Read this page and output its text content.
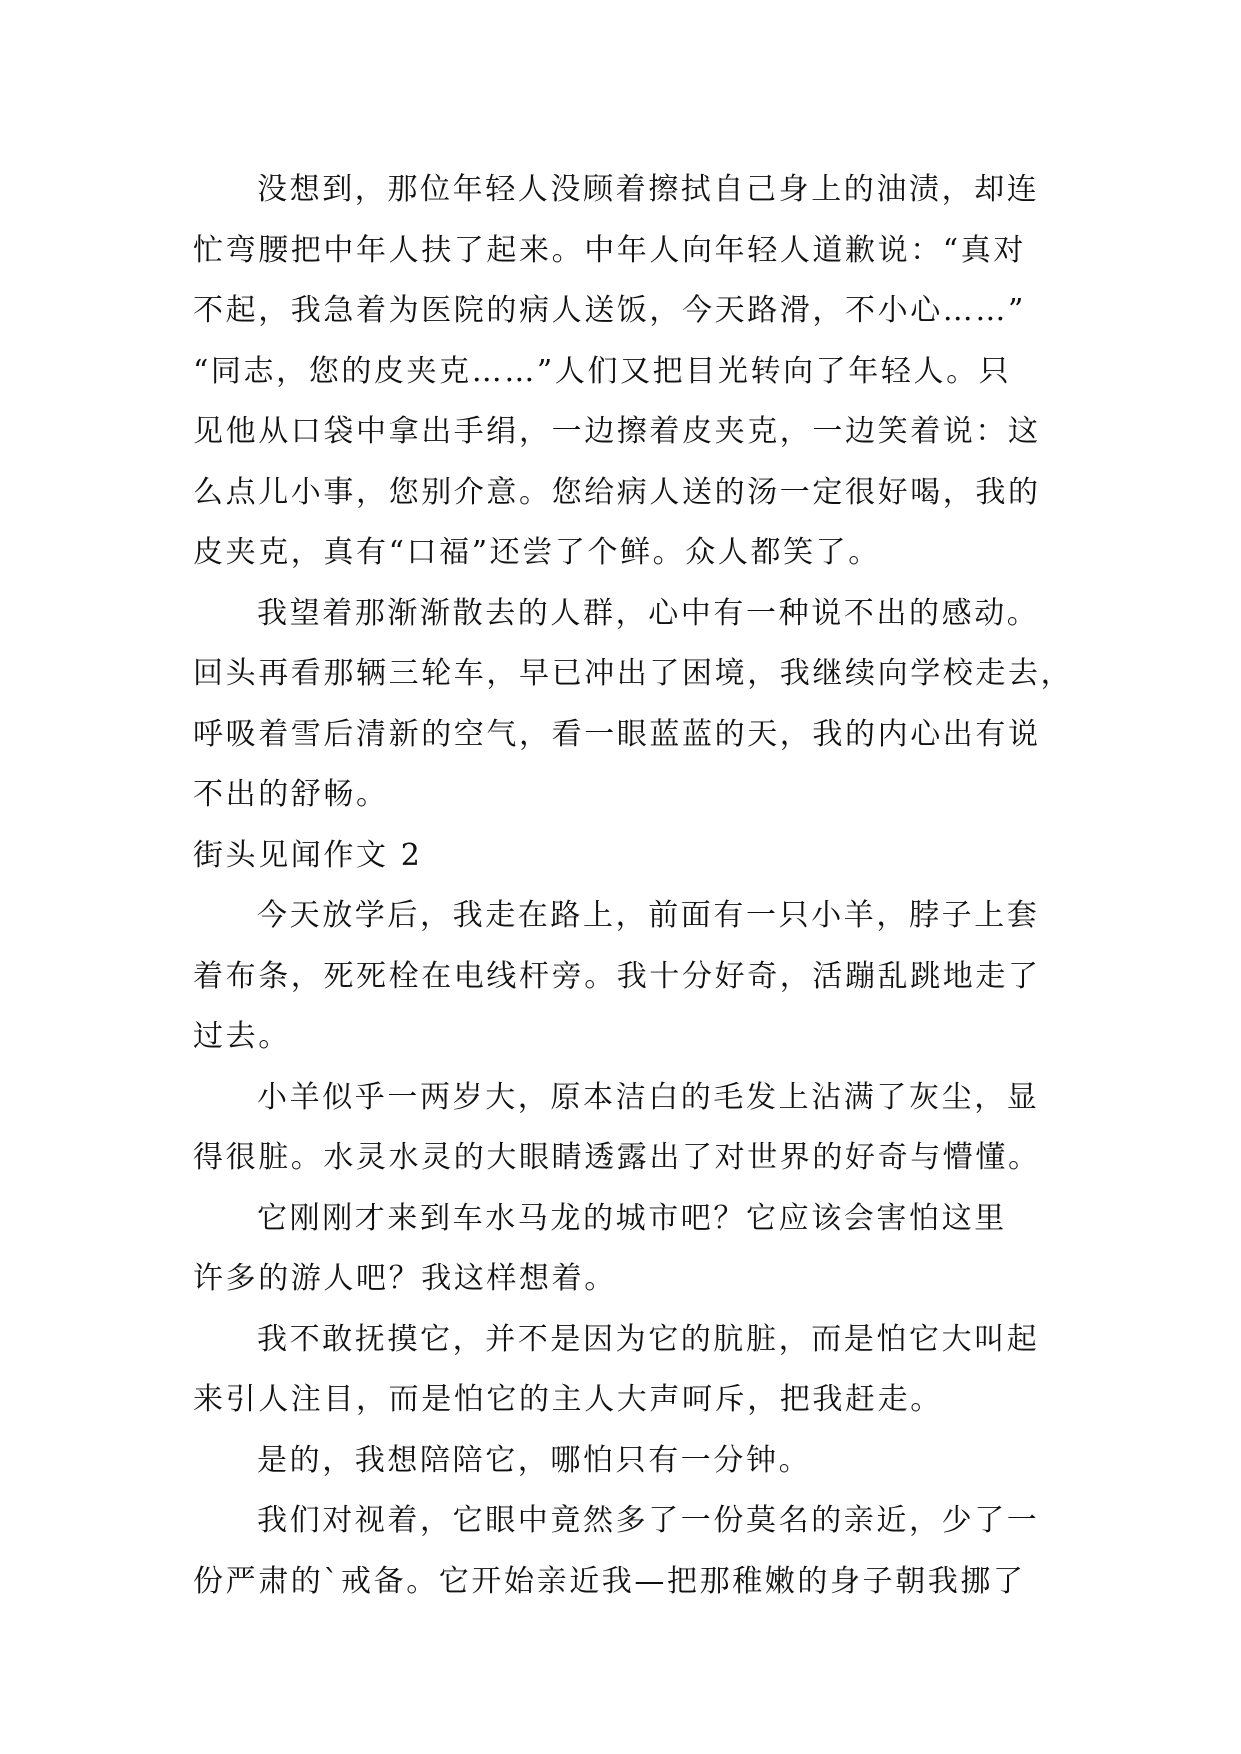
没想到，那位年轻人没顾着擦拭自己身上的油渍，却连
忙弯腰把中年人扶了起来。中年人向年轻人道歉说：“真对
不起，我急着为医院的病人送饭，今天路滑，不小心……”
“同志，您的皮夹克……”人们又把目光转向了年轻人。只
见他从口袋中拿出手绢，一边擦着皮夹克，一边笑着说：这
么点儿小事，您别介意。您给病人送的汤一定很好喝，我的
皮夹克，真有“口福”还尝了个鲜。众人都笑了。
我望着那渐渐散去的人群，心中有一种说不出的感动。
回头再看那辆三轮车，早已冲出了困境，我继续向学校走去，
呼吸着雪后清新的空气，看一眼蓝蓝的天，我的内心出有说
不出的舒畅。
街头见闻作文 2
今天放学后，我走在路上，前面有一只小羊，脖子上套
着布条，死死栓在电线杆旁。我十分好奇，活蹦乱跳地走了
过去。
小羊似乎一两岁大，原本洁白的毛发上沾满了灰尘，显
得很脏。水灵水灵的大眼睛透露出了对世界的好奇与懵懂。
它刚刚才来到车水马龙的城市吧？它应该会害怕这里
许多的游人吧？我这样想着。
我不敢抚摸它，并不是因为它的肮脏，而是怕它大叫起
来引人注目，而是怕它的主人大声呵斥，把我赶走。
是的，我想陪陪它，哪怕只有一分钟。
我们对视着，它眼中竟然多了一份莫名的亲近，少了一
份严肃的`戒备。它开始亲近我—把那稚嫩的身子朝我挪了
